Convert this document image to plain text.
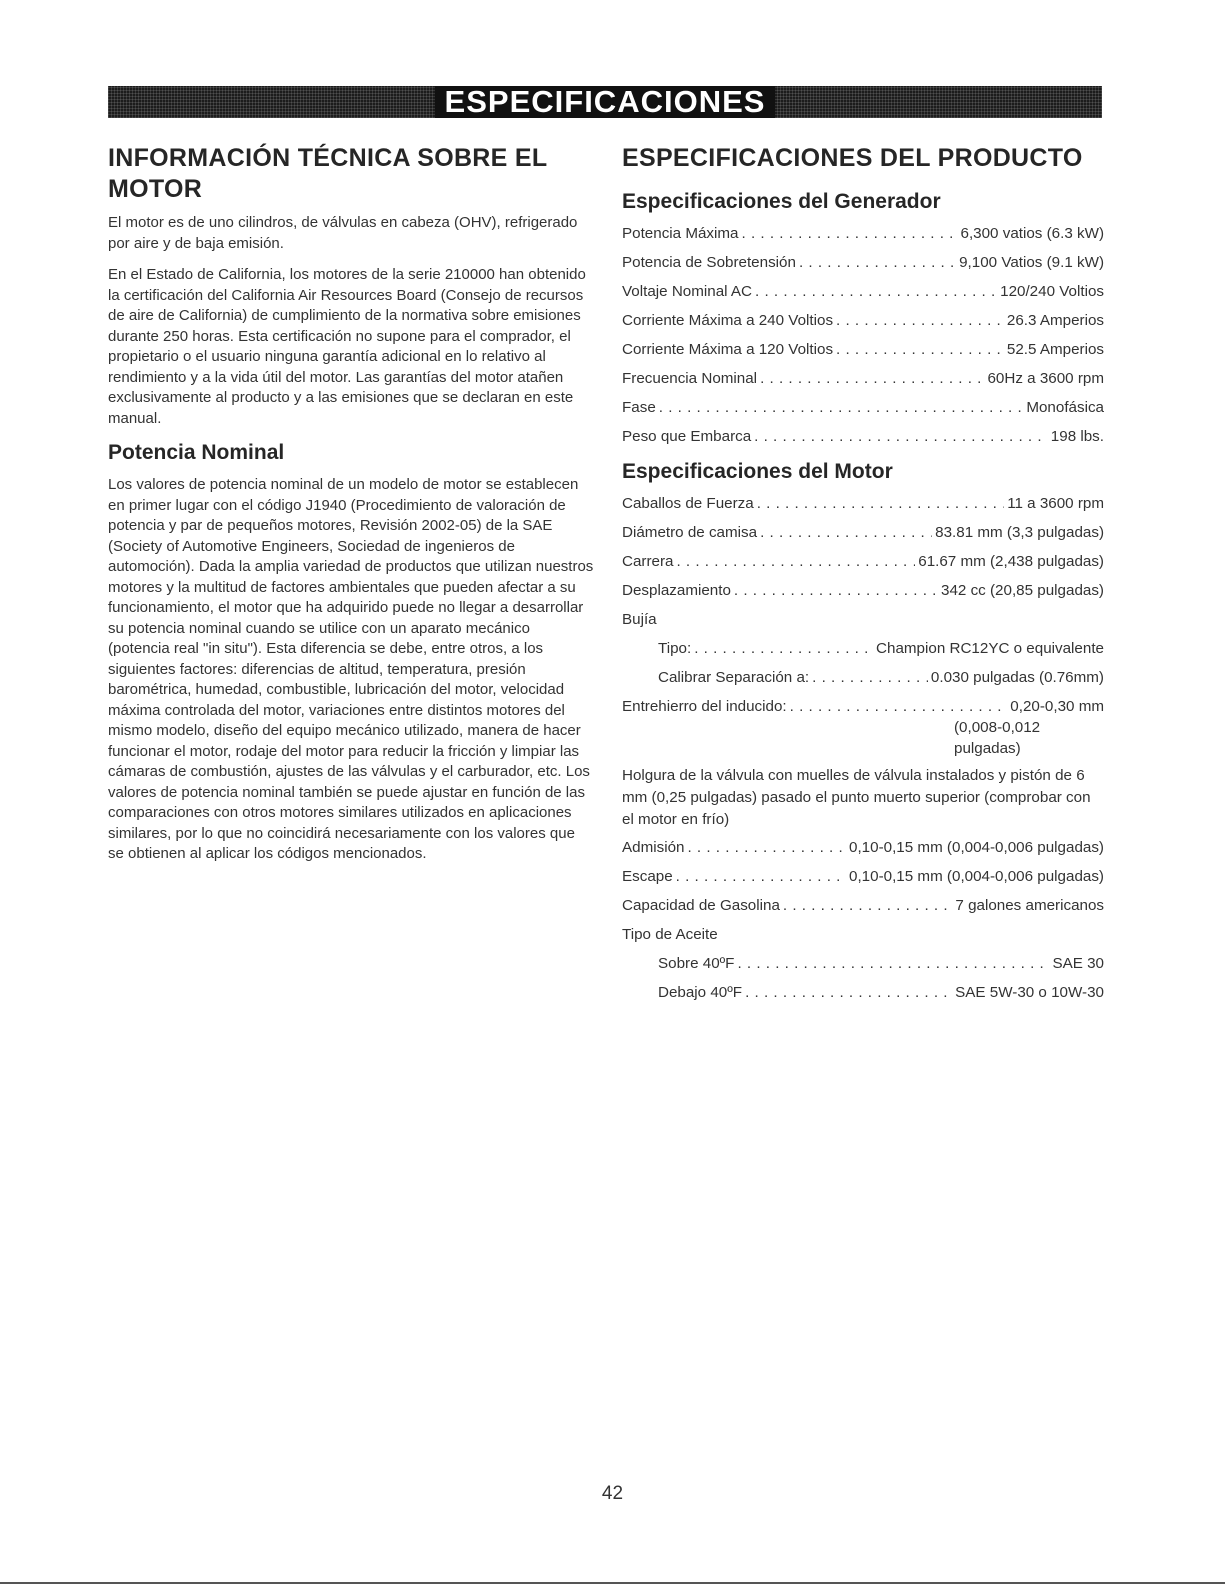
ESPECIFICACIONES
INFORMACIÓN TÉCNICA SOBRE EL MOTOR

El motor es de uno cilindros, de válvulas en cabeza (OHV), refrigerado por aire y de baja emisión.

En el Estado de California, los motores de la serie 210000 han obtenido la certificación del California Air Resources Board (Consejo de recursos de aire de California) de cumplimiento de la normativa sobre emisiones durante 250 horas. Esta certificación no supone para el comprador, el propietario o el usuario ninguna garantía adicional en lo relativo al rendimiento y a la vida útil del motor. Las garantías del motor atañen exclusivamente al producto y a las emisiones que se declaran en este manual.

Potencia Nominal

Los valores de potencia nominal de un modelo de motor se establecen en primer lugar con el código J1940 (Procedimiento de valoración de potencia y par de pequeños motores, Revisión 2002-05) de la SAE (Society of Automotive Engineers, Sociedad de ingenieros de automoción). Dada la amplia variedad de productos que utilizan nuestros motores y la multitud de factores ambientales que pueden afectar a su funcionamiento, el motor que ha adquirido puede no llegar a desarrollar su potencia nominal cuando se utilice con un aparato mecánico (potencia real "in situ"). Esta diferencia se debe, entre otros, a los siguientes factores: diferencias de altitud, temperatura, presión barométrica, humedad, combustible, lubricación del motor, velocidad máxima controlada del motor, variaciones entre distintos motores del mismo modelo, diseño del equipo mecánico utilizado, manera de hacer funcionar el motor, rodaje del motor para reducir la fricción y limpiar las cámaras de combustión, ajustes de las válvulas y el carburador, etc. Los valores de potencia nominal también se puede ajustar en función de las comparaciones con otros motores similares utilizados en aplicaciones similares, por lo que no coincidirá necesariamente con los valores que se obtienen al aplicar los códigos mencionados.

ESPECIFICACIONES DEL PRODUCTO
Especificaciones del Generador
Potencia Máxima . . .	6,300 vatios (6.3 kW)
Potencia de Sobretensión . . .	9,100 Vatios (9.1 kW)
Voltaje Nominal AC . . .	120/240 Voltios
Corriente Máxima a 240 Voltios . . .	26.3 Amperios
Corriente Máxima a 120 Voltios . . .	52.5 Amperios
Frecuencia Nominal . . .	60Hz a 3600 rpm
Fase . . .	Monofásica
Peso que Embarca . . .	198 lbs.
Especificaciones del Motor
Caballos de Fuerza . . .	11 a 3600 rpm
Diámetro de camisa . . .	83.81 mm (3,3 pulgadas)
Carrera . . .	61.67 mm (2,438 pulgadas)
Desplazamiento . . .	342 cc (20,85 pulgadas)
Bujía
Tipo: . . .	Champion RC12YC o equivalente
Calibrar Separación a: . . .	0.030 pulgadas (0.76mm)
Entrehierro del inducido: . . .	0,20-0,30 mm
(0,008-0,012
pulgadas)
Holgura de la válvula con muelles de válvula instalados y pistón de 6 mm (0,25 pulgadas) pasado el punto muerto superior (comprobar con el motor en frío)
Admisión . . .	0,10-0,15 mm (0,004-0,006 pulgadas)
Escape . . .	0,10-0,15 mm (0,004-0,006 pulgadas)
Capacidad de Gasolina . . .	7 galones americanos
Tipo de Aceite
Sobre 40ºF . . .	SAE 30
Debajo 40ºF . . .	SAE 5W-30 o 10W-30
42
